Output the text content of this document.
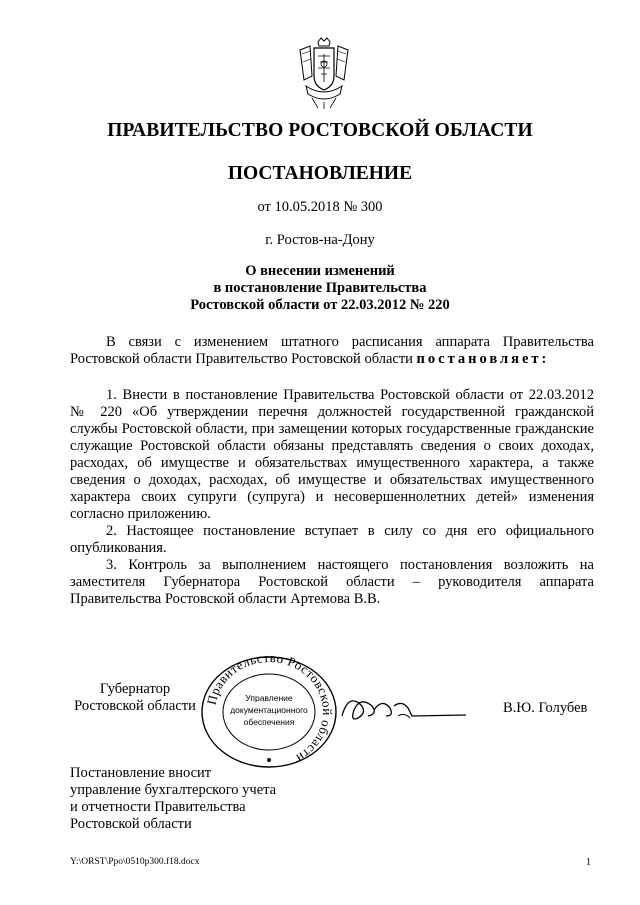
ПРАВИТЕЛЬСТВО РОСТОВСКОЙ ОБЛАСТИ
ПОСТАНОВЛЕНИЕ
от 10.05.2018 № 300
г. Ростов-на-Дону
О внесении изменений
в постановление Правительства
Ростовской области от 22.03.2012 № 220

В связи с изменением штатного расписания аппарата Правительства Ростовской области Правительство Ростовской области постановляет:

1. Внести в постановление Правительства Ростовской области от 22.03.2012 № 220 «Об утверждении перечня должностей государственной гражданской службы Ростовской области, при замещении которых государственные гражданские служащие Ростовской области обязаны представлять сведения о своих доходах, расходах, об имуществе и обязательствах имущественного характера, а также сведения о доходах, расходах, об имуществе и обязательствах имущественного характера своих супруги (супруга) и несовершеннолетних детей» изменения согласно приложению.

2. Настоящее постановление вступает в силу со дня его официального опубликования.

3. Контроль за выполнением настоящего постановления возложить на заместителя Губернатора Ростовской области – руководителя аппарата Правительства Ростовской области Артемова В.В.

Губернатор
Ростовской области Правительство Ростовской области
Управление
документационного
обеспечения
В.Ю. Голубев
Постановление вносит
управление бухгалтерского учета
и отчетности Правительства
Ростовской области
Y:\ORST\Ppo\0510p300.f18.docx	1
